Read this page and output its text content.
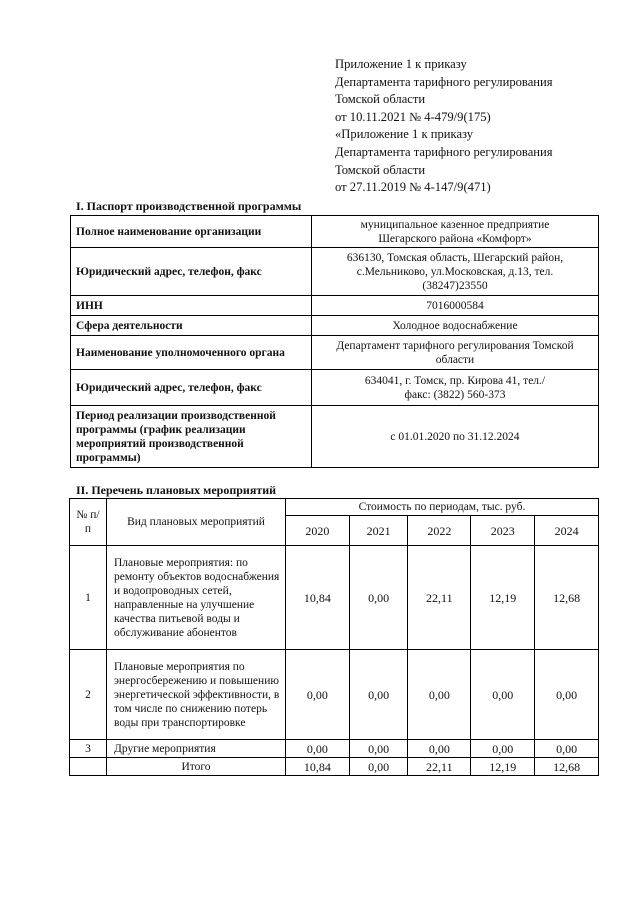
Приложение 1 к приказу
Департамента тарифного регулирования
Томской области
от 10.11.2021 № 4-479/9(175)
«Приложение 1 к приказу
Департамента тарифного регулирования
Томской области
от 27.11.2019 № 4-147/9(471)
I. Паспорт производственной программы
Полное наименование организации	муниципальное казенное предприятие Шегарского района «Комфорт»
Юридический адрес, телефон, факс	636130, Томская область, Шегарский район, с.Мельниково, ул.Московская, д.13, тел. (38247)23550
ИНН	7016000584
Сфера деятельности	Холодное водоснабжение
Наименование уполномоченного органа	Департамент тарифного регулирования Томской области
Юридический адрес, телефон, факс	634041, г. Томск, пр. Кирова 41, тел./факс: (3822) 560-373
Период реализации производственной программы (график реализации мероприятий производственной программы)	с 01.01.2020 по 31.12.2024
II. Перечень плановых мероприятий
№ п/п	Вид плановых мероприятий	Стоимость по периодам, тыс. руб.				
		2020	2021	2022	2023	2024
1	Плановые мероприятия: по ремонту объектов водоснабжения и водопроводных сетей, направленные на улучшение качества питьевой воды и обслуживание абонентов	10,84	0,00	22,11	12,19	12,68
2	Плановые мероприятия по энергосбережению и повышению энергетической эффективности, в том числе по снижению потерь воды при транспортировке	0,00	0,00	0,00	0,00	0,00
3	Другие мероприятия	0,00	0,00	0,00	0,00	0,00
	Итого	10,84	0,00	22,11	12,19	12,68
